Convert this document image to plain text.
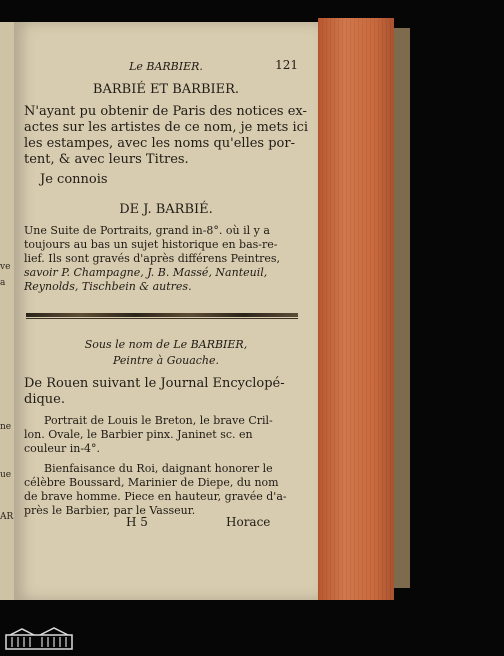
ve
a
ne
ue
AR
Le BARBIER.	121
BARBIÉ ET BARBIER.
N'ayant pu obtenir de Paris des notices ex-
actes sur les artistes de ce nom, je mets ici
les estampes, avec les noms qu'elles por-
tent, & avec leurs Titres.
Je connois
DE J. BARBIÉ.
Une Suite de Portraits, grand in-8°. où il y a
toujours au bas un sujet historique en bas-re-
lief. Ils sont gravés d'après différens Peintres,
savoir P. Champagne, J. B. Massé, Nanteuil,
Reynolds, Tischbein & autres.
Sous le nom de Le BARBIER,
Peintre à Gouache.
De Rouen suivant le Journal Encyclopé-
dique.
Portrait de Louis le Breton, le brave Cril-
lon. Ovale, le Barbier pinx. Janinet sc. en
couleur in-4°.
Bienfaisance du Roi, daignant honorer le
célèbre Boussard, Marinier de Diepe, du nom
de brave homme. Piece en hauteur, gravée d'a-
près le Barbier, par le Vasseur.
H 5	Horace
